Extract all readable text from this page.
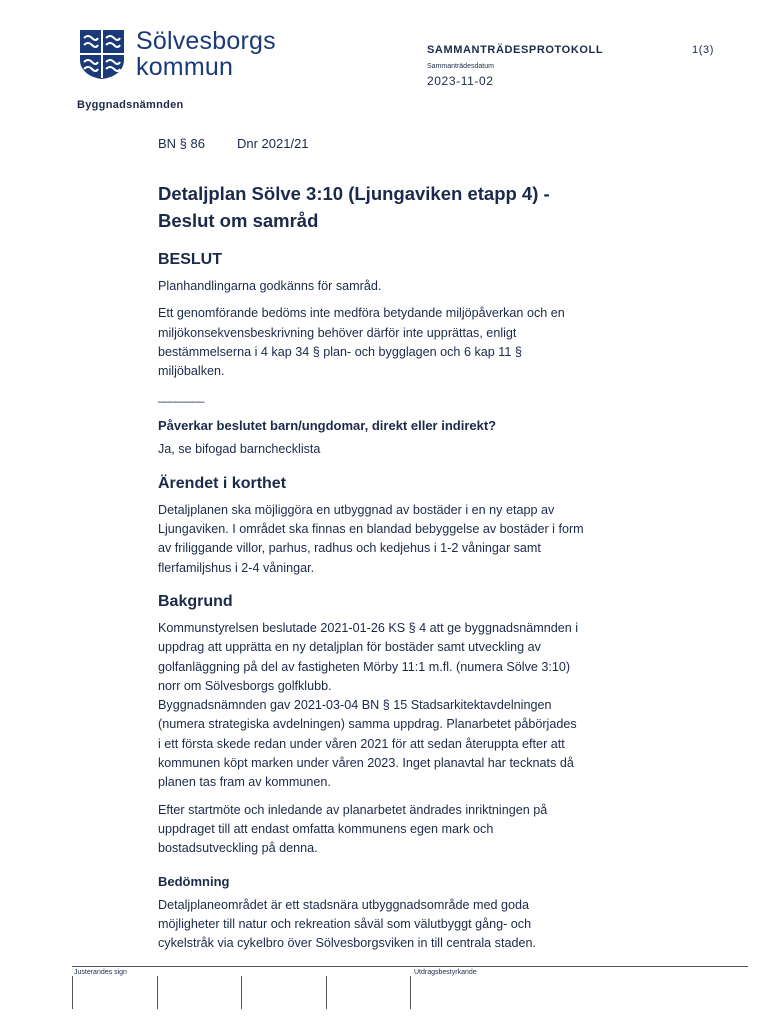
Sölvesborgs
kommun
Byggnadsnämnden
SAMMANTRÄDESPROTOKOLL	1(3)
Sammanträdesdatum
2023-11-02
BN § 86 Dnr 2021/21
Detaljplan Sölve 3:10 (Ljungaviken etapp 4) -
Beslut om samråd
BESLUT

Planhandlingarna godkänns för samråd.

Ett genomförande bedöms inte medföra betydande miljöpåverkan och en
miljökonsekvensbeskrivning behöver därför inte upprättas, enligt
bestämmelserna i 4 kap 34 § plan- och bygglagen och 6 kap 11 §
miljöbalken.

________
Påverkar beslutet barn/ungdomar, direkt eller indirekt?

Ja, se bifogad barnchecklista

Ärendet i korthet

Detaljplanen ska möjliggöra en utbyggnad av bostäder i en ny etapp av
Ljungaviken. I området ska finnas en blandad bebyggelse av bostäder i form
av friliggande villor, parhus, radhus och kedjehus i 1-2 våningar samt
flerfamiljshus i 2-4 våningar.

Bakgrund

Kommunstyrelsen beslutade 2021-01-26 KS § 4 att ge byggnadsnämnden i
uppdrag att upprätta en ny detaljplan för bostäder samt utveckling av
golfanläggning på del av fastigheten Mörby 11:1 m.fl. (numera Sölve 3:10)
norr om Sölvesborgs golfklubb.
Byggnadsnämnden gav 2021-03-04 BN § 15 Stadsarkitektavdelningen
(numera strategiska avdelningen) samma uppdrag. Planarbetet påbörjades
i ett första skede redan under våren 2021 för att sedan återuppta efter att
kommunen köpt marken under våren 2023. Inget planavtal har tecknats då
planen tas fram av kommunen.

Efter startmöte och inledande av planarbetet ändrades inriktningen på
uppdraget till att endast omfatta kommunens egen mark och
bostadsutveckling på denna.

Bedömning

Detaljplaneområdet är ett stadsnära utbyggnadsområde med goda
möjligheter till natur och rekreation såväl som välutbyggt gång- och
cykelstråk via cykelbro över Sölvesborgsviken in till centrala staden.

Justerandes sign	Utdragsbestyrkande
